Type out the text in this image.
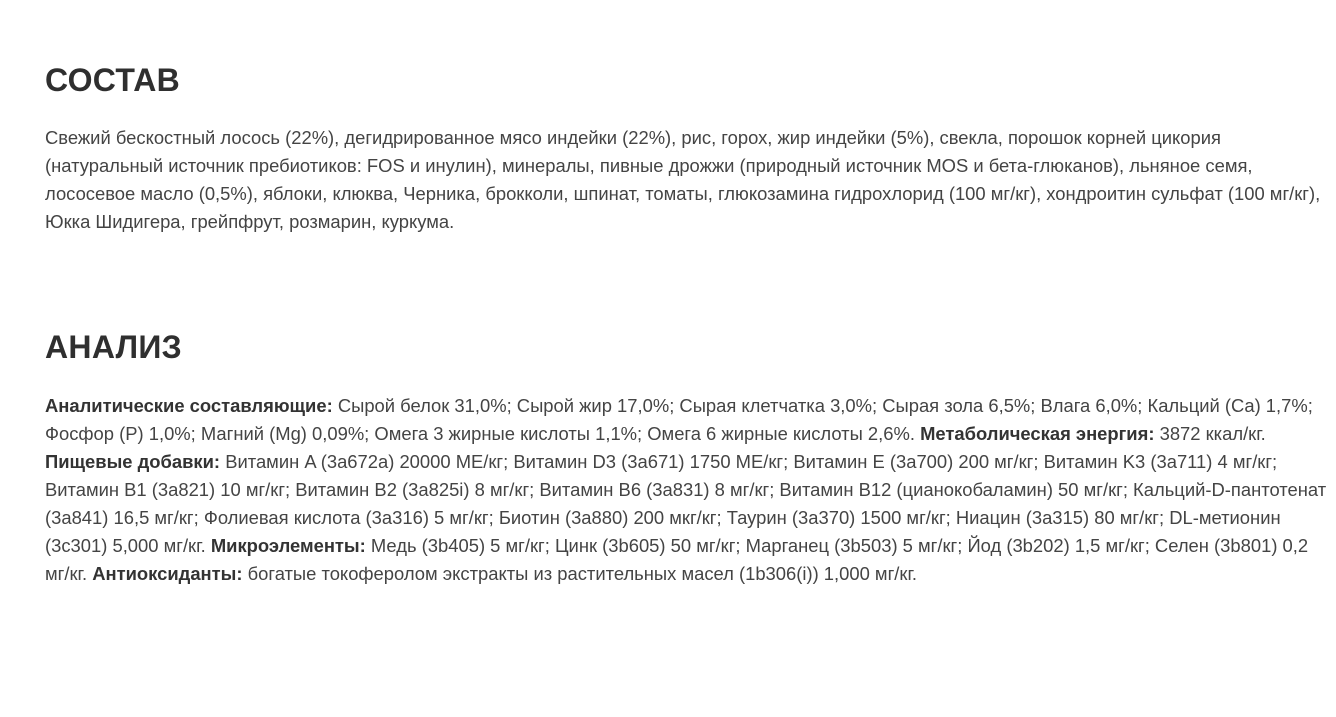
СОСТАВ

Свежий бескостный лосось (22%), дегидрированное мясо индейки (22%), рис, горох, жир индейки (5%), свекла, порошок корней цикория (натуральный источник пребиотиков: FOS и инулин), минералы, пивные дрожжи (природный источник MOS и бета-глюканов), льняное семя, лососевое масло (0,5%), яблоки, клюква, Черника, брокколи, шпинат, томаты, глюкозамина гидрохлорид (100 мг/кг), хондроитин сульфат (100 мг/кг), Юкка Шидигера, грейпфрут, розмарин, куркума.

АНАЛИЗ

Аналитические составляющие: Сырой белок 31,0%; Сырой жир 17,0%; Сырая клетчатка 3,0%; Сырая зола 6,5%; Влага 6,0%; Кальций (Ca) 1,7%; Фосфор (P) 1,0%; Магний (Mg) 0,09%; Омега 3 жирные кислоты 1,1%; Омега 6 жирные кислоты 2,6%. Метаболическая энергия: 3872 ккал/кг. Пищевые добавки: Витамин A (3a672a) 20000 МЕ/кг; Витамин D3 (3a671) 1750 МЕ/кг; Витамин E (3a700) 200 мг/кг; Витамин K3 (3a711) 4 мг/кг; Витамин B1 (3a821) 10 мг/кг; Витамин B2 (3a825i) 8 мг/кг; Витамин B6 (3a831) 8 мг/кг; Витамин B12 (цианокобаламин) 50 мг/кг; Кальций-D-пантотенат (3a841) 16,5 мг/кг; Фолиевая кислота (3a316) 5 мг/кг; Биотин (3a880) 200 мкг/кг; Таурин (3a370) 1500 мг/кг; Ниацин (3a315) 80 мг/кг; DL-метионин (3c301) 5,000 мг/кг. Микроэлементы: Медь (3b405) 5 мг/кг; Цинк (3b605) 50 мг/кг; Марганец (3b503) 5 мг/кг; Йод (3b202) 1,5 мг/кг; Селен (3b801) 0,2 мг/кг. Антиоксиданты: богатые токоферолом экстракты из растительных масел (1b306(i)) 1,000 мг/кг.
